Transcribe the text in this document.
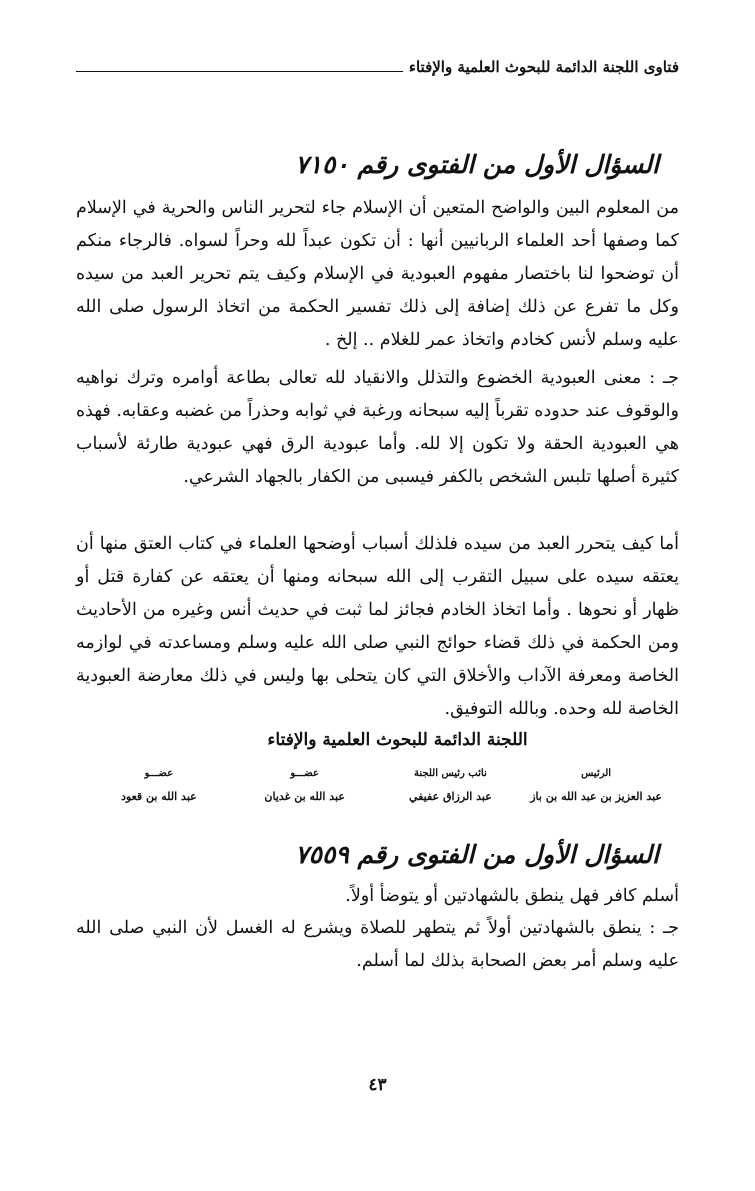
فتاوى اللجنة الدائمة للبحوث العلمية والإفتاء
السؤال الأول من الفتوى رقم ٧١٥٠
من المعلوم البين والواضح المتعين أن الإسلام جاء لتحرير الناس والحرية في الإسلام كما وصفها أحد العلماء الربانيين أنها : أن تكون عبداً لله وحراً لسواه. فالرجاء منكم أن توضحوا لنا باختصار مفهوم العبودية في الإسلام وكيف يتم تحرير العبد من سيده وكل ما تفرع عن ذلك إضافة إلى ذلك تفسير الحكمة من اتخاذ الرسول صلى الله عليه وسلم لأنس كخادم واتخاذ عمر للغلام .. إلخ .
جـ : معنى العبودية الخضوع والتذلل والانقياد لله تعالى بطاعة أوامره وترك نواهيه والوقوف عند حدوده تقرباً إليه سبحانه ورغبة في ثوابه وحذراً من غضبه وعقابه. فهذه هي العبودية الحقة ولا تكون إلا لله. وأما عبودية الرق فهي عبودية طارئة لأسباب كثيرة أصلها تلبس الشخص بالكفر فيسبى من الكفار بالجهاد الشرعي.
أما كيف يتحرر العبد من سيده فلذلك أسباب أوضحها العلماء في كتاب العتق منها أن يعتقه سيده على سبيل التقرب إلى الله سبحانه ومنها أن يعتقه عن كفارة قتل أو ظهار أو نحوها . وأما اتخاذ الخادم فجائز لما ثبت في حديث أنس وغيره من الأحاديث ومن الحكمة في ذلك قضاء حوائج النبي صلى الله عليه وسلم ومساعدته في لوازمه الخاصة ومعرفة الآداب والأخلاق التي كان يتحلى بها وليس في ذلك معارضة العبودية الخاصة لله وحده. وبالله التوفيق.
اللجنة الدائمة للبحوث العلمية والإفتاء
الرئيس
عبد العزيز بن عبد الله بن باز
نائب رئيس اللجنة
عبد الرزاق عفيفي
عضـــو
عبد الله بن غديان
عضـــو
عبد الله بن قعود
السؤال الأول من الفتوى رقم ٧٥٥٩
أسلم كافر فهل ينطق بالشهادتين أو يتوضأ أولاً.
جـ : ينطق بالشهادتين أولاً ثم يتطهر للصلاة ويشرع له الغسل لأن النبي صلى الله عليه وسلم أمر بعض الصحابة بذلك لما أسلم.
٤٣
